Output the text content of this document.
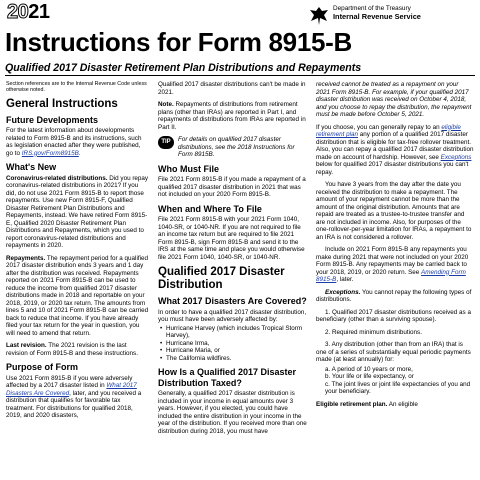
2021	Department of the Treasury
Internal Revenue Service
Instructions for Form 8915-B
Qualified 2017 Disaster Retirement Plan Distributions and Repayments
Section references are to the Internal Revenue Code unless otherwise noted.
General Instructions
Future Developments

For the latest information about developments related to Form 8915-B and its instructions, such as legislation enacted after they were published, go to IRS.gov/Form8915B.

What's New

Coronavirus-related distributions. Did you repay coronavirus-related distributions in 2021? If you did, do not use 2021 Form 8915-B to report those repayments. Use new Form 8915-F, Qualified Disaster Retirement Plan Distributions and Repayments, instead. We have retired Form 8915-E, Qualified 2020 Disaster Retirement Plan Distributions and Repayments, which you used to report coronavirus-related distributions and repayments in 2020.

Repayments. The repayment period for a qualified 2017 disaster distribution ends 3 years and 1 day after the distribution was received. Repayments reported on 2021 Form 8915-B can be used to reduce the income from qualified 2017 disaster distributions made in 2018 and reportable on your 2018, 2019, or 2020 tax return. The amounts from lines 5 and 10 of 2021 Form 8915-B can be carried back to reduce that income. If you have already filed your tax return for the year in question, you will need to amend that return.

Last revision. The 2021 revision is the last revision of Form 8915-B and these instructions.

Purpose of Form

Use 2021 Form 8915-B if you were adversely affected by a 2017 disaster listed in What 2017 Disasters Are Covered, later, and you received a distribution that qualifies for favorable tax treatment. For distributions for qualified 2018, 2019, and 2020 disasters,

Qualified 2017 disaster distributions can't be made in 2021.

Note. Repayments of distributions from retirement plans (other than IRAs) are reported in Part I, and repayments of distributions from IRAs are reported in Part II.

TIP	For details on qualified 2017 disaster distributions, see the 2018 Instructions for Form 8915B.
Who Must File

File 2021 Form 8915-B if you made a repayment of a qualified 2017 disaster distribution in 2021 that was not included on your 2020 Form 8915-B.

When and Where To File

File 2021 Form 8915-B with your 2021 Form 1040, 1040-SR, or 1040-NR. If you are not required to file an income tax return but are required to file 2021 Form 8915-B, sign Form 8915-B and send it to the IRS at the same time and place you would otherwise file 2021 Form 1040, 1040-SR, or 1040-NR.

Qualified 2017 Disaster Distribution
What 2017 Disasters Are Covered?

In order to have a qualified 2017 disaster distribution, you must have been adversely affected by:

• Hurricane Harvey (which includes Tropical Storm Harvey),
• Hurricane Irma,
• Hurricane Maria, or
• The California wildfires.
How Is a Qualified 2017 Disaster Distribution Taxed?

Generally, a qualified 2017 disaster distribution is included in your income in equal amounts over 3 years. However, if you elected, you could have included the entire distribution in your income in the year of the distribution. If you received more than one distribution during 2018, you must have

received cannot be treated as a repayment on your 2021 Form 8915-B. For example, if your qualified 2017 disaster distribution was received on October 4, 2018, and you choose to repay the distribution, the repayment must be made before October 5, 2021.

If you choose, you can generally repay to an eligible retirement plan any portion of a qualified 2017 disaster distribution that is eligible for tax-free rollover treatment. Also, you can repay a qualified 2017 disaster distribution made on account of hardship. However, see Exceptions below for qualified 2017 disaster distributions you can't repay.

You have 3 years from the day after the date you received the distribution to make a repayment. The amount of your repayment cannot be more than the amount of the original distribution. Amounts that are repaid are treated as a trustee-to-trustee transfer and are not included in income. Also, for purposes of the one-rollover-per-year limitation for IRAs, a repayment to an IRA is not considered a rollover.

Include on 2021 Form 8915-B any repayments you make during 2021 that were not included on your 2020 Form 8915-B. Any repayments may be carried back to your 2018, 2019, or 2020 return. See Amending Form 8915-B, later.

Exceptions. You cannot repay the following types of distributions.

1. Qualified 2017 disaster distributions received as a beneficiary (other than a surviving spouse).

2. Required minimum distributions.

3. Any distribution (other than from an IRA) that is one of a series of substantially equal periodic payments made (at least annually) for:

a. A period of 10 years or more,
b. Your life or life expectancy, or
c. The joint lives or joint life expectancies of you and your beneficiary.

Eligible retirement plan. An eligible
